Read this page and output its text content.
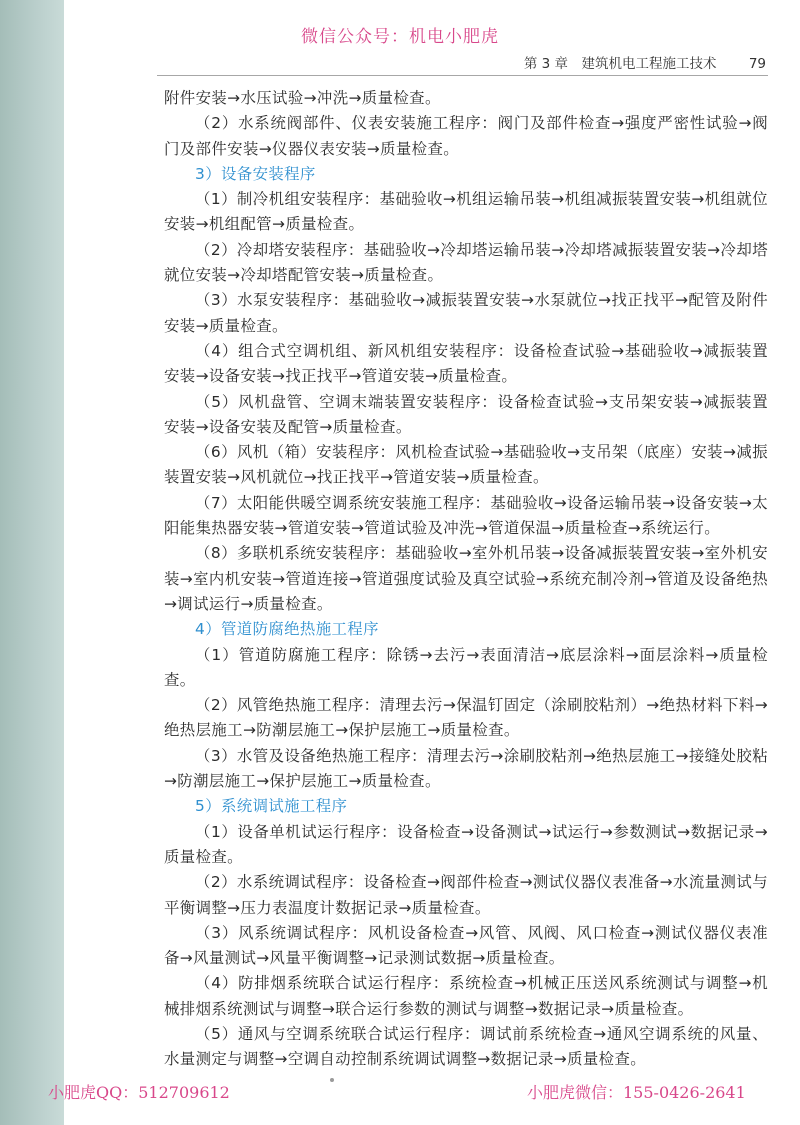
微信公众号：机电小肥虎
第 3 章　建筑机电工程施工技术 79

附件安装→水压试验→冲洗→质量检查。

（2）水系统阀部件、仪表安装施工程序：阀门及部件检查→强度严密性试验→阀门及部件安装→仪器仪表安装→质量检查。

3）设备安装程序

（1）制冷机组安装程序：基础验收→机组运输吊装→机组减振装置安装→机组就位安装→机组配管→质量检查。

（2）冷却塔安装程序：基础验收→冷却塔运输吊装→冷却塔减振装置安装→冷却塔就位安装→冷却塔配管安装→质量检查。

（3）水泵安装程序：基础验收→减振装置安装→水泵就位→找正找平→配管及附件安装→质量检查。

（4）组合式空调机组、新风机组安装程序：设备检查试验→基础验收→减振装置安装→设备安装→找正找平→管道安装→质量检查。

（5）风机盘管、空调末端装置安装程序：设备检查试验→支吊架安装→减振装置安装→设备安装及配管→质量检查。

（6）风机（箱）安装程序：风机检查试验→基础验收→支吊架（底座）安装→减振装置安装→风机就位→找正找平→管道安装→质量检查。

（7）太阳能供暖空调系统安装施工程序：基础验收→设备运输吊装→设备安装→太阳能集热器安装→管道安装→管道试验及冲洗→管道保温→质量检查→系统运行。

（8）多联机系统安装程序：基础验收→室外机吊装→设备减振装置安装→室外机安装→室内机安装→管道连接→管道强度试验及真空试验→系统充制冷剂→管道及设备绝热→调试运行→质量检查。

4）管道防腐绝热施工程序

（1）管道防腐施工程序：除锈→去污→表面清洁→底层涂料→面层涂料→质量检查。

（2）风管绝热施工程序：清理去污→保温钉固定（涂刷胶粘剂）→绝热材料下料→绝热层施工→防潮层施工→保护层施工→质量检查。

（3）水管及设备绝热施工程序：清理去污→涂刷胶粘剂→绝热层施工→接缝处胶粘→防潮层施工→保护层施工→质量检查。

5）系统调试施工程序

（1）设备单机试运行程序：设备检查→设备测试→试运行→参数测试→数据记录→质量检查。

（2）水系统调试程序：设备检查→阀部件检查→测试仪器仪表准备→水流量测试与平衡调整→压力表温度计数据记录→质量检查。

（3）风系统调试程序：风机设备检查→风管、风阀、风口检查→测试仪器仪表准备→风量测试→风量平衡调整→记录测试数据→质量检查。

（4）防排烟系统联合试运行程序：系统检查→机械正压送风系统测试与调整→机械排烟系统测试与调整→联合运行参数的测试与调整→数据记录→质量检查。

（5）通风与空调系统联合试运行程序：调试前系统检查→通风空调系统的风量、水量测定与调整→空调自动控制系统调试调整→数据记录→质量检查。

小肥虎QQ：512709612	小肥虎微信：155-0426-2641
